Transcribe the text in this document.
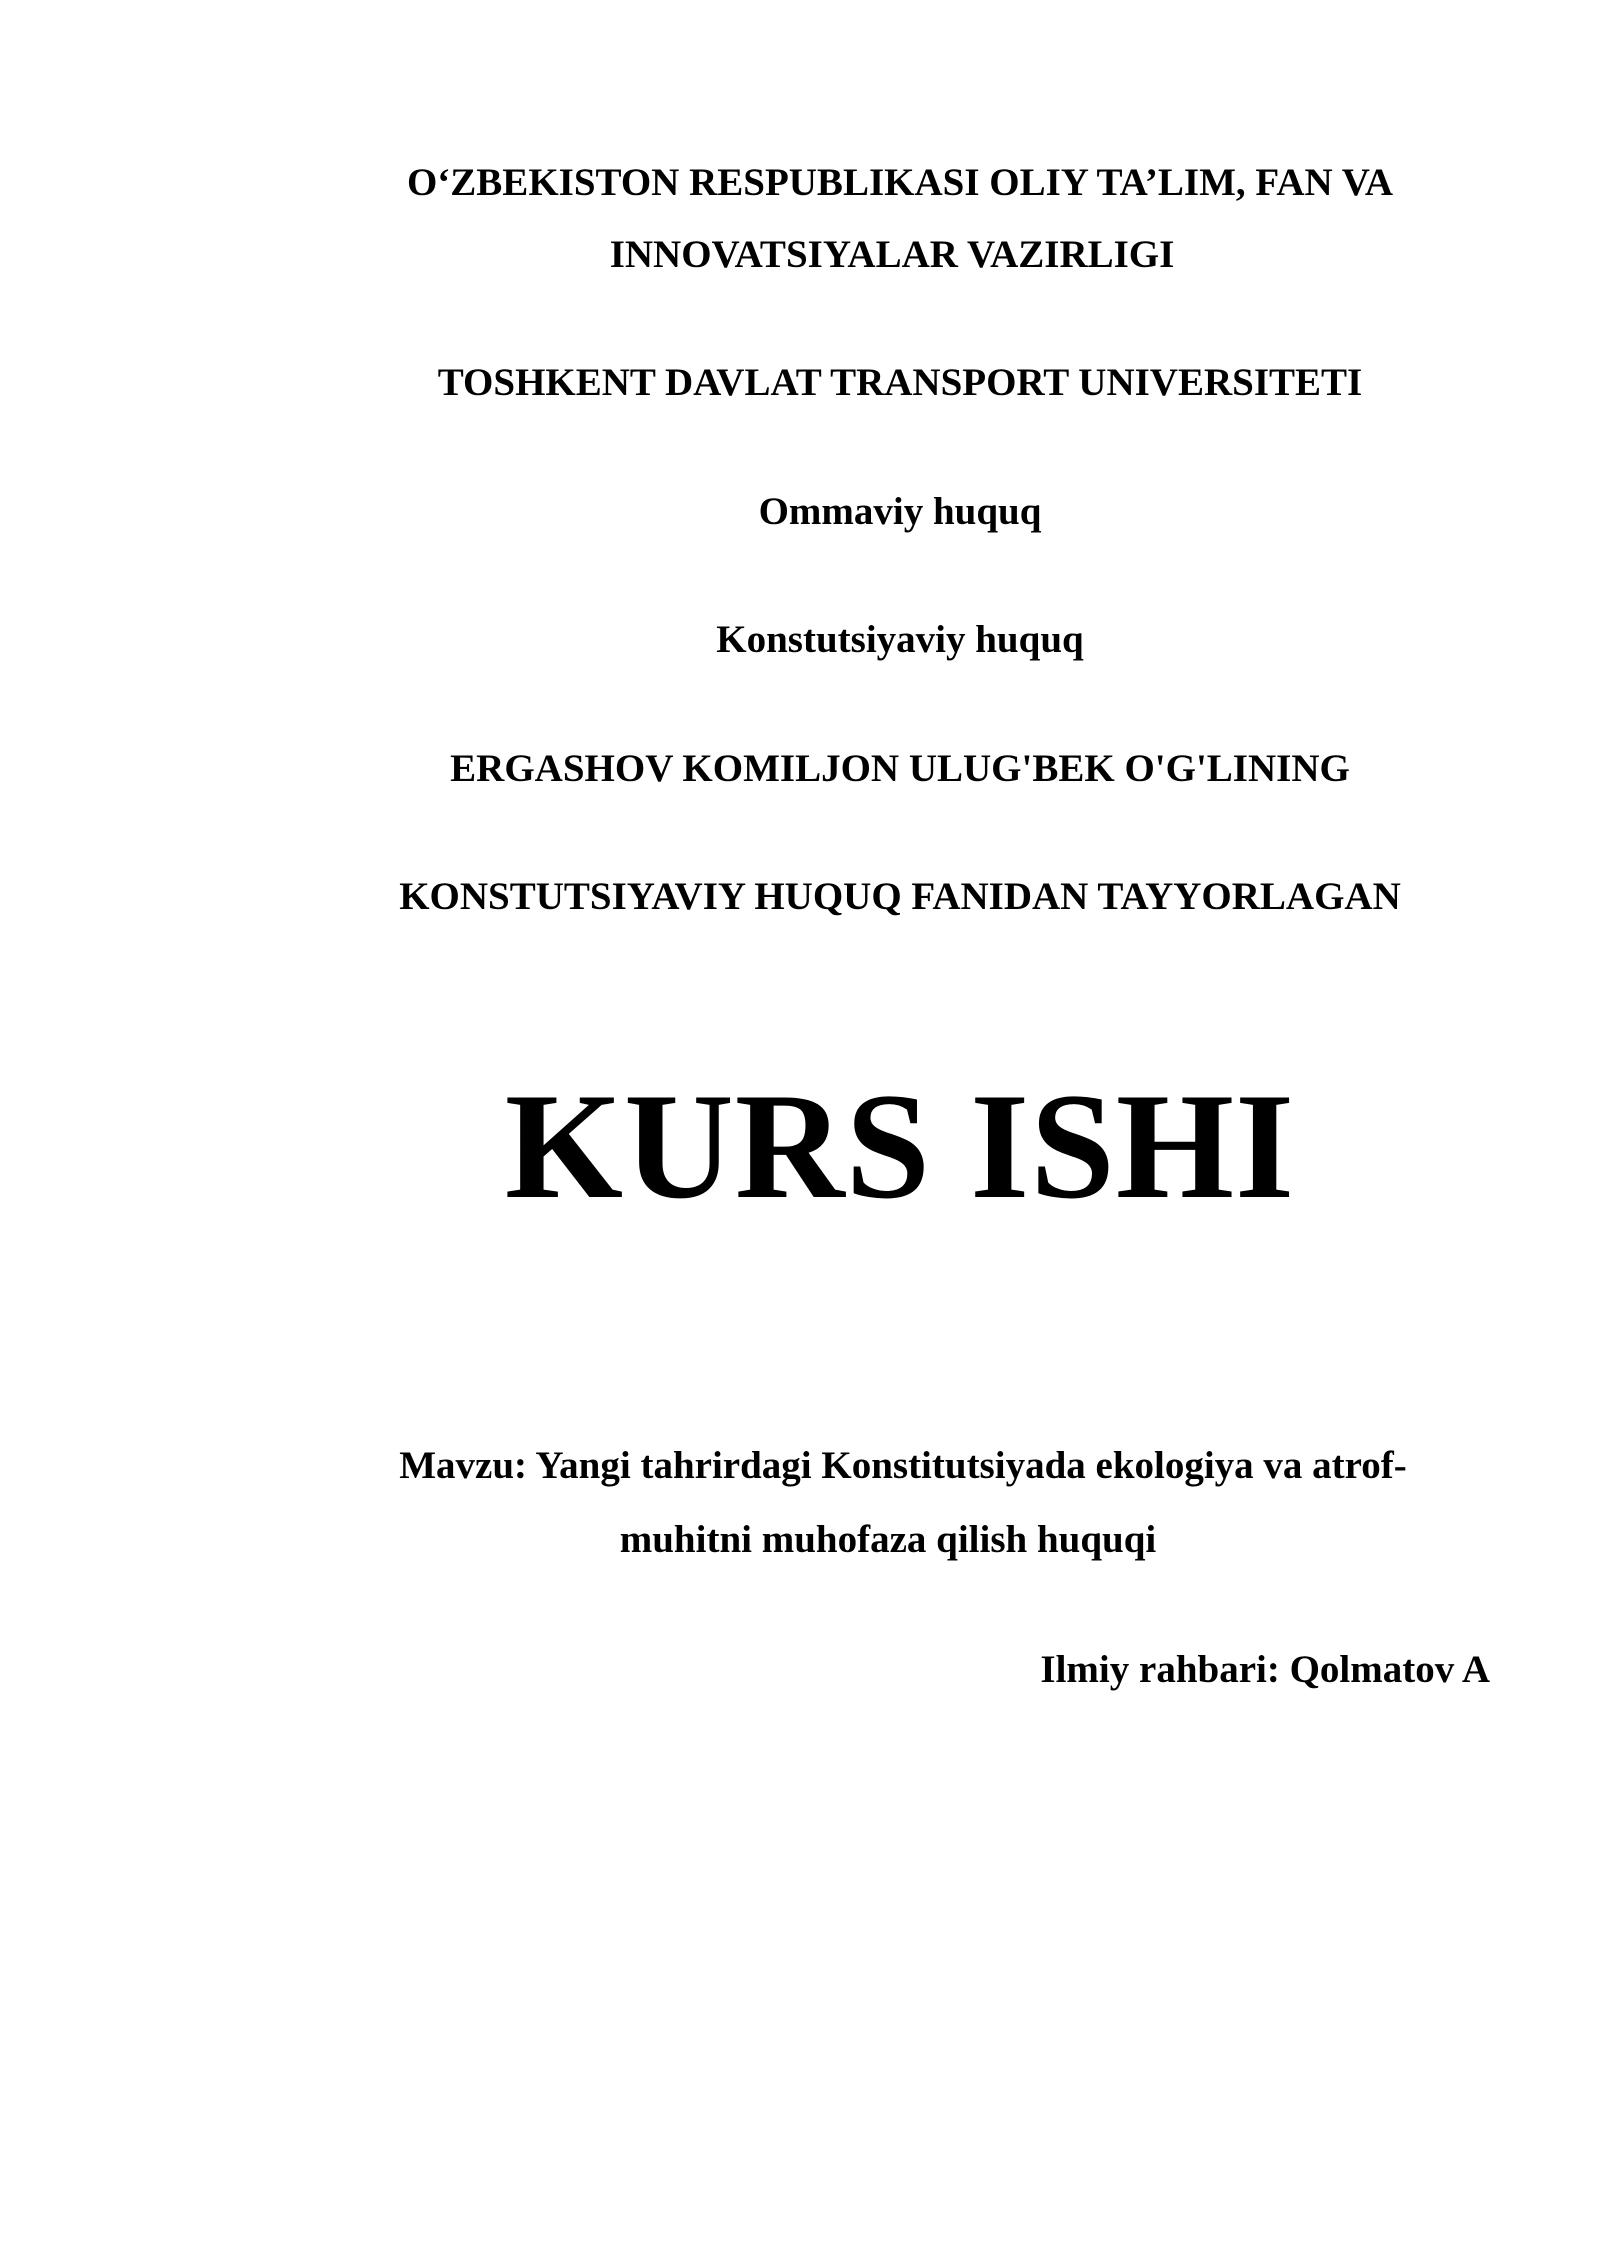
O‘ZBEKISTON RESPUBLIKASI OLIY TA’LIM, FAN VA

INNOVATSIYALAR VAZIRLIGI

TOSHKENT DAVLAT TRANSPORT UNIVERSITETI

Ommaviy huquq

Konstutsiyaviy huquq

ERGASHOV KOMILJON ULUG'BEK O'G'LINING

KONSTUTSIYAVIY HUQUQ FANIDAN TAYYORLAGAN

KURS ISHI

Mavzu: Yangi tahrirdagi Konstitutsiyada ekologiya va atrof-

muhitni muhofaza qilish huquqi

Ilmiy rahbari: Qolmatov A
